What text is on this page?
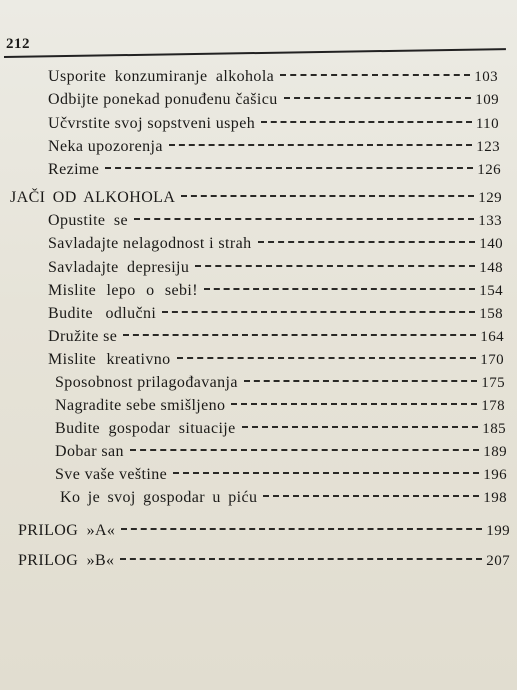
212
Usporite konzumiranje alkohola	103
Odbijte ponekad ponuđenu čašicu	109
Učvrstite svoj sopstveni uspeh	110
Neka upozorenja	123
Rezime	126
JAČI OD ALKOHOLA	129
Opustite se	133
Savladajte nelagodnost i strah	140
Savladajte depresiju	148
Mislite lepo o sebi!	154
Budite odlučni	158
Družite se	164
Mislite kreativno	170
Sposobnost prilagođavanja	175
Nagradite sebe smišljeno	178
Budite gospodar situacije	185
Dobar san	189
Sve vaše veštine	196
Ko je svoj gospodar u piću	198
PRILOG »A«	199
PRILOG »B«	207
